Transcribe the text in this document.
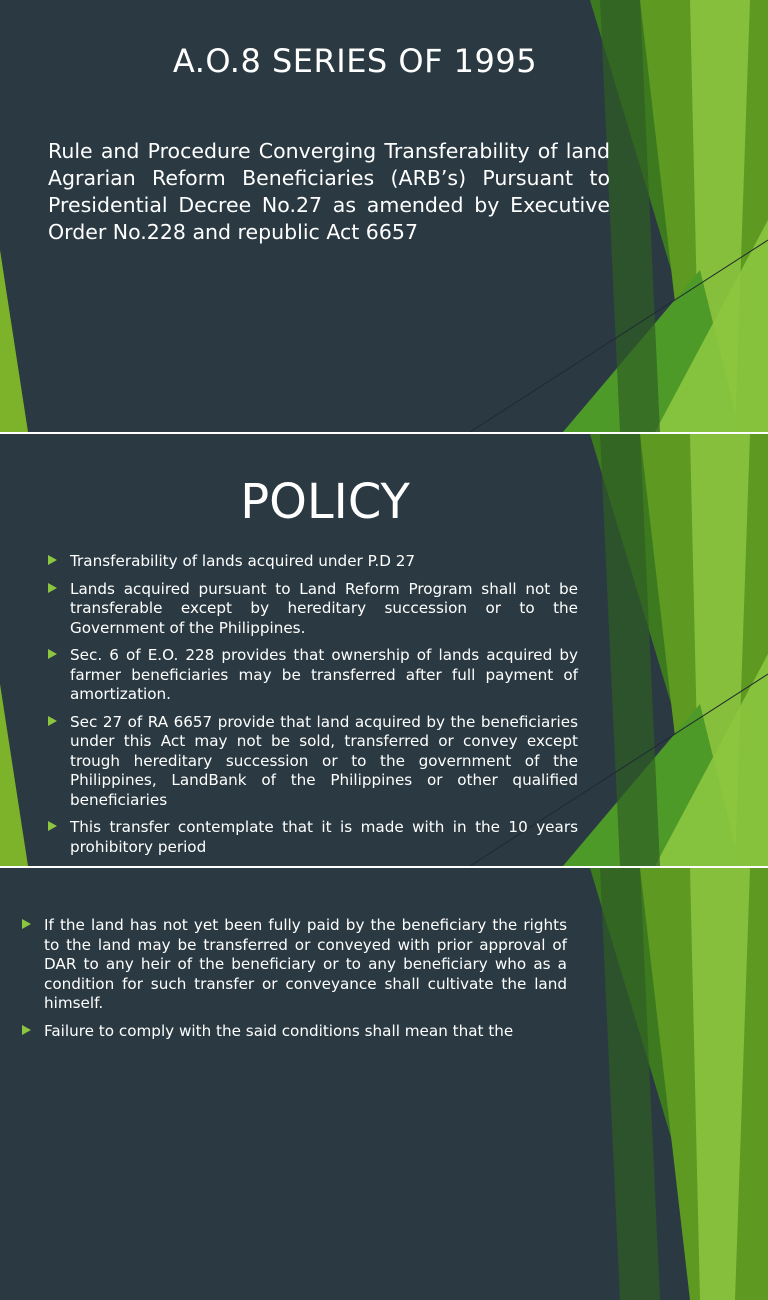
A.O.8 SERIES OF 1995
Rule and Procedure Converging Transferability of land Agrarian Reform Beneficiaries (ARB’s) Pursuant to Presidential Decree No.27 as amended by Executive Order No.228 and republic Act 6657
POLICY
Transferability of lands acquired under P.D 27
Lands acquired pursuant to Land Reform Program shall not be transferable except by hereditary succession or to the Government of the Philippines.
Sec. 6 of E.O. 228 provides that ownership of lands acquired by farmer beneficiaries may be transferred after full payment of amortization.
Sec 27 of RA 6657 provide that land acquired by the beneficiaries under this Act may not be sold, transferred or convey except trough hereditary succession or to the government of the Philippines, LandBank of the Philippines or other qualified beneficiaries
This transfer contemplate that it is made with in the 10 years prohibitory period
If the land has not yet been fully paid by the beneficiary the rights to the land may be transferred or conveyed with prior approval of DAR to any heir of the beneficiary or to any beneficiary who as a condition for such transfer or conveyance shall cultivate the land himself.
Failure to comply with the said conditions shall mean that the
